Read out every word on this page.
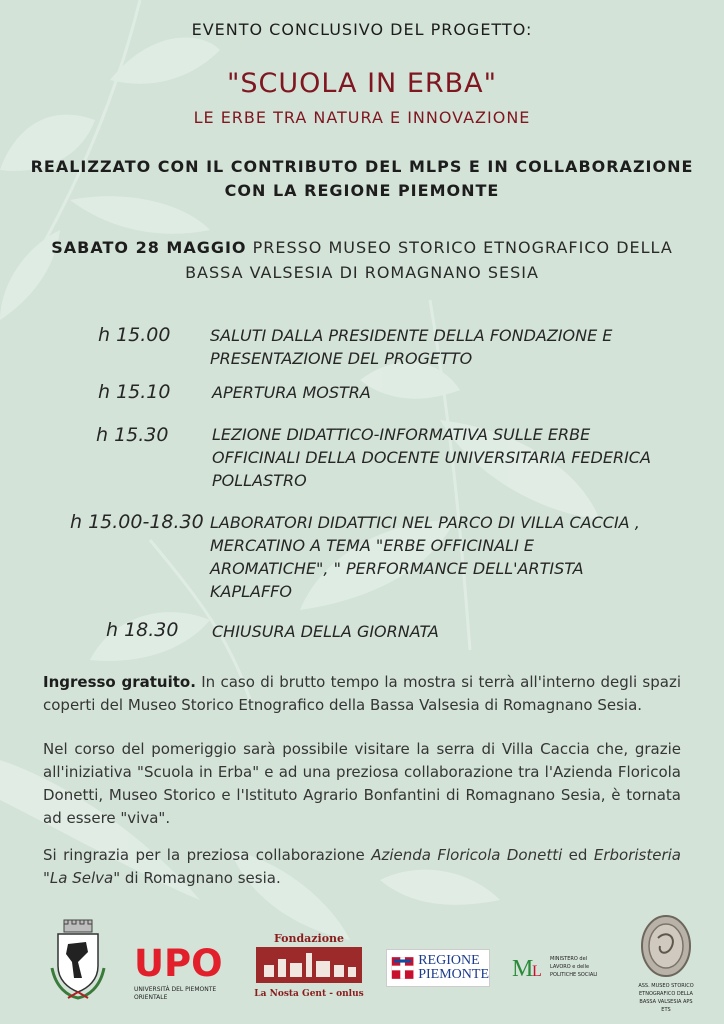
EVENTO CONCLUSIVO DEL PROGETTO:
"SCUOLA IN ERBA"
LE ERBE TRA NATURA E INNOVAZIONE
REALIZZATO CON IL CONTRIBUTO DEL MLPS E IN COLLABORAZIONE
CON LA REGIONE PIEMONTE
SABATO 28 MAGGIO PRESSO MUSEO STORICO ETNOGRAFICO DELLA
BASSA VALSESIA DI ROMAGNANO SESIA
h 15.00 SALUTI DALLA PRESIDENTE DELLA FONDAZIONE E
PRESENTAZIONE DEL PROGETTO
h 15.10	APERTURA MOSTRA
h 15.30	LEZIONE DIDATTICO-INFORMATIVA SULLE ERBE
OFFICINALI DELLA DOCENTE UNIVERSITARIA FEDERICA
POLLASTRO
h 15.00-18.30 LABORATORI DIDATTICI NEL PARCO DI VILLA CACCIA ,
MERCATINO A TEMA "ERBE OFFICINALI E
AROMATICHE", " PERFORMANCE DELL'ARTISTA
KAPLAFFO
h 18.30 CHIUSURA DELLA GIORNATA
Ingresso gratuito. In caso di brutto tempo la mostra si terrà all'interno degli spazi coperti del Museo Storico Etnografico della Bassa Valsesia di Romagnano Sesia.
Nel corso del pomeriggio sarà possibile visitare la serra di Villa Caccia che, grazie all'iniziativa "Scuola in Erba" e ad una preziosa collaborazione tra l'Azienda Floricola Donetti, Museo Storico e l'Istituto Agrario Bonfantini di Romagnano Sesia, è tornata ad essere "viva".
Si ringrazia per la preziosa collaborazione Azienda Floricola Donetti ed Erboristeria "La Selva" di Romagnano sesia.
UPO
UNIVERSITÀ DEL PIEMONTE ORIENTALE
Fondazione
La Nosta Gent - onlus
REGIONE
PIEMONTE M
L
MINISTERO del LAVORO e delle POLITICHE SOCIALI
ASS. MUSEO STORICO ETNOGRAFICO DELLA BASSA VALSESIA APS ETS
